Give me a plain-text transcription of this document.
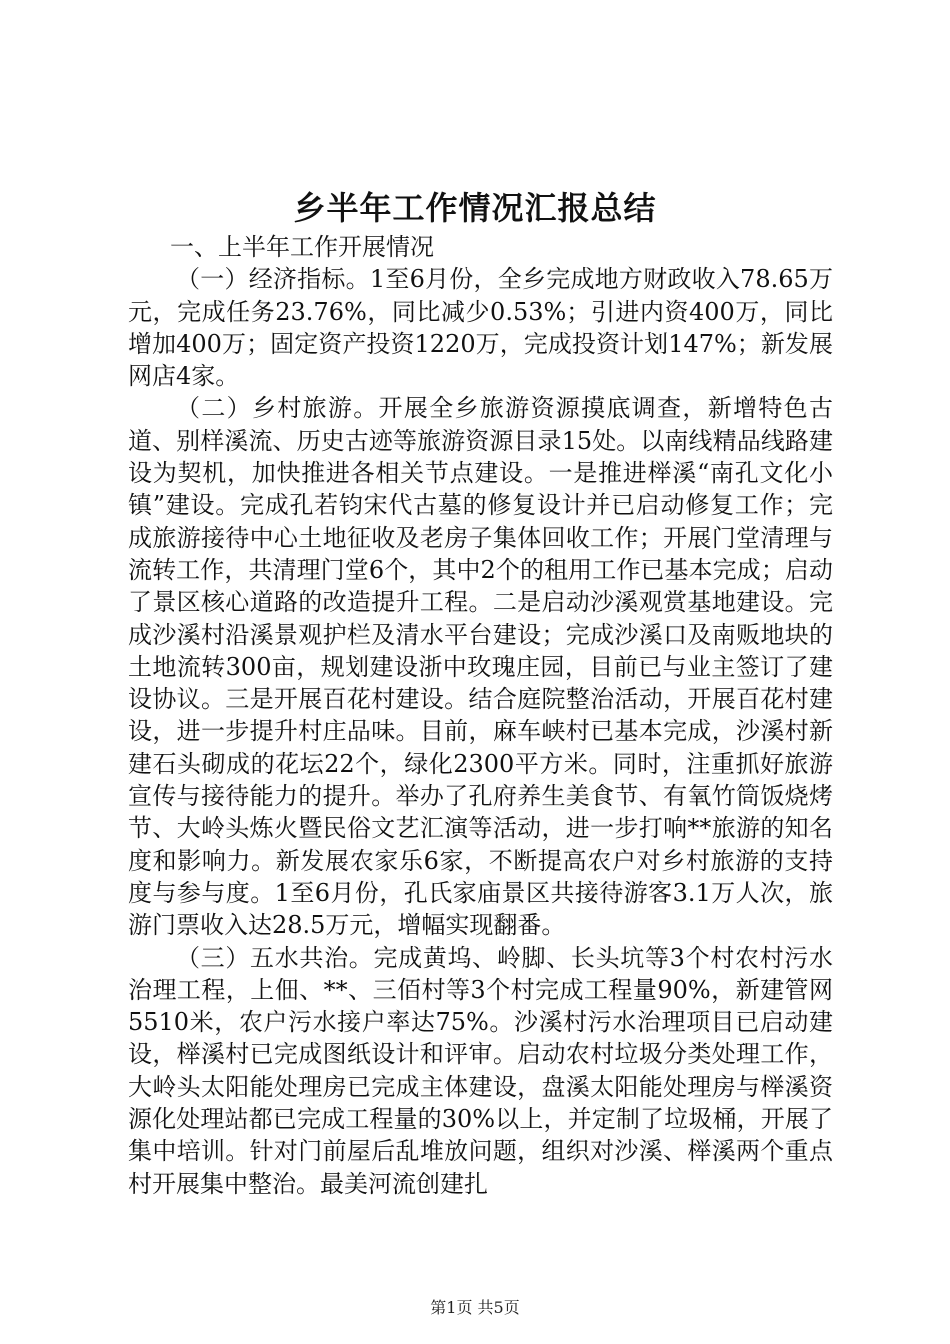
乡半年工作情况汇报总结

一、上半年工作开展情况

（一）经济指标。1至6月份，全乡完成地方财政收入78.65万元，完成任务23.76%，同比减少0.53%；引进内资400万，同比增加400万；固定资产投资1220万，完成投资计划147%；新发展网店4家。

（二）乡村旅游。开展全乡旅游资源摸底调查，新增特色古道、别样溪流、历史古迹等旅游资源目录15处。以南线精品线路建设为契机，加快推进各相关节点建设。一是推进榉溪“南孔文化小镇”建设。完成孔若钧宋代古墓的修复设计并已启动修复工作；完成旅游接待中心土地征收及老房子集体回收工作；开展门堂清理与流转工作，共清理门堂6个，其中2个的租用工作已基本完成；启动了景区核心道路的改造提升工程。二是启动沙溪观赏基地建设。完成沙溪村沿溪景观护栏及清水平台建设；完成沙溪口及南贩地块的土地流转300亩，规划建设浙中玫瑰庄园，目前已与业主签订了建设协议。三是开展百花村建设。结合庭院整治活动，开展百花村建设，进一步提升村庄品味。目前，麻车峡村已基本完成，沙溪村新建石头砌成的花坛22个，绿化2300平方米。同时，注重抓好旅游宣传与接待能力的提升。举办了孔府养生美食节、有氧竹筒饭烧烤节、大岭头炼火暨民俗文艺汇演等活动，进一步打响**旅游的知名度和影响力。新发展农家乐6家，不断提高农户对乡村旅游的支持度与参与度。1至6月份，孔氏家庙景区共接待游客3.1万人次，旅游门票收入达28.5万元，增幅实现翻番。

（三）五水共治。完成黄坞、岭脚、长头坑等3个村农村污水治理工程，上佃、**、三佰村等3个村完成工程量90%，新建管网5510米，农户污水接户率达75%。沙溪村污水治理项目已启动建设，榉溪村已完成图纸设计和评审。启动农村垃圾分类处理工作，大岭头太阳能处理房已完成主体建设，盘溪太阳能处理房与榉溪资源化处理站都已完成工程量的30%以上，并定制了垃圾桶，开展了集中培训。针对门前屋后乱堆放问题，组织对沙溪、榉溪两个重点村开展集中整治。最美河流创建扎

第1页 共5页
